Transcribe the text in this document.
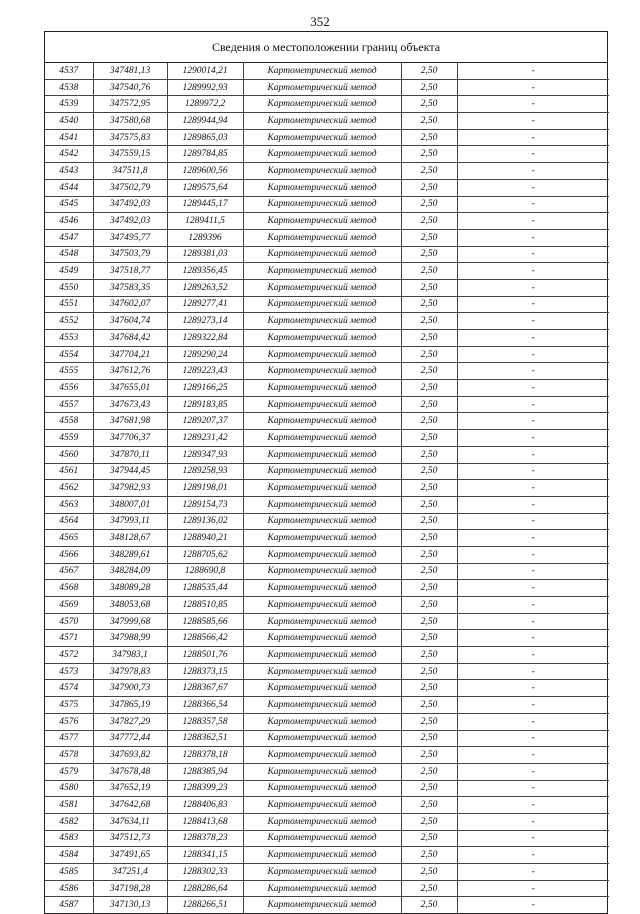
352
Сведения о местоположении границ объекта
4537	347481,13	1290014,21	Картометрический метод	2,50	-
4538	347540,76	1289992,93	Картометрический метод	2,50	-
4539	347572,95	1289972,2	Картометрический метод	2,50	-
4540	347580,68	1289944,94	Картометрический метод	2,50	-
4541	347575,83	1289865,03	Картометрический метод	2,50	-
4542	347559,15	1289784,85	Картометрический метод	2,50	-
4543	347511,8	1289600,56	Картометрический метод	2,50	-
4544	347502,79	1289575,64	Картометрический метод	2,50	-
4545	347492,03	1289445,17	Картометрический метод	2,50	-
4546	347492,03	1289411,5	Картометрический метод	2,50	-
4547	347495,77	1289396	Картометрический метод	2,50	-
4548	347503,79	1289381,03	Картометрический метод	2,50	-
4549	347518,77	1289356,45	Картометрический метод	2,50	-
4550	347583,35	1289263,52	Картометрический метод	2,50	-
4551	347602,07	1289277,41	Картометрический метод	2,50	-
4552	347604,74	1289273,14	Картометрический метод	2,50	-
4553	347684,42	1289322,84	Картометрический метод	2,50	-
4554	347704,21	1289290,24	Картометрический метод	2,50	-
4555	347612,76	1289223,43	Картометрический метод	2,50	-
4556	347655,01	1289166,25	Картометрический метод	2,50	-
4557	347673,43	1289183,85	Картометрический метод	2,50	-
4558	347681,98	1289207,37	Картометрический метод	2,50	-
4559	347706,37	1289231,42	Картометрический метод	2,50	-
4560	347870,11	1289347,93	Картометрический метод	2,50	-
4561	347944,45	1289258,93	Картометрический метод	2,50	-
4562	347982,93	1289198,01	Картометрический метод	2,50	-
4563	348007,01	1289154,73	Картометрический метод	2,50	-
4564	347993,11	1289136,02	Картометрический метод	2,50	-
4565	348128,67	1288940,21	Картометрический метод	2,50	-
4566	348289,61	1288705,62	Картометрический метод	2,50	-
4567	348284,09	1288690,8	Картометрический метод	2,50	-
4568	348089,28	1288535,44	Картометрический метод	2,50	-
4569	348053,68	1288510,85	Картометрический метод	2,50	-
4570	347999,68	1288585,66	Картометрический метод	2,50	-
4571	347988,99	1288566,42	Картометрический метод	2,50	-
4572	347983,1	1288501,76	Картометрический метод	2,50	-
4573	347978,83	1288373,15	Картометрический метод	2,50	-
4574	347900,73	1288367,67	Картометрический метод	2,50	-
4575	347865,19	1288366,54	Картометрический метод	2,50	-
4576	347827,29	1288357,58	Картометрический метод	2,50	-
4577	347772,44	1288362,51	Картометрический метод	2,50	-
4578	347693,82	1288378,18	Картометрический метод	2,50	-
4579	347678,48	1288385,94	Картометрический метод	2,50	-
4580	347652,19	1288399,23	Картометрический метод	2,50	-
4581	347642,68	1288406,83	Картометрический метод	2,50	-
4582	347634,11	1288413,68	Картометрический метод	2,50	-
4583	347512,73	1288378,23	Картометрический метод	2,50	-
4584	347491,65	1288341,15	Картометрический метод	2,50	-
4585	347251,4	1288302,33	Картометрический метод	2,50	-
4586	347198,28	1288286,64	Картометрический метод	2,50	-
4587	347130,13	1288266,51	Картометрический метод	2,50	-
